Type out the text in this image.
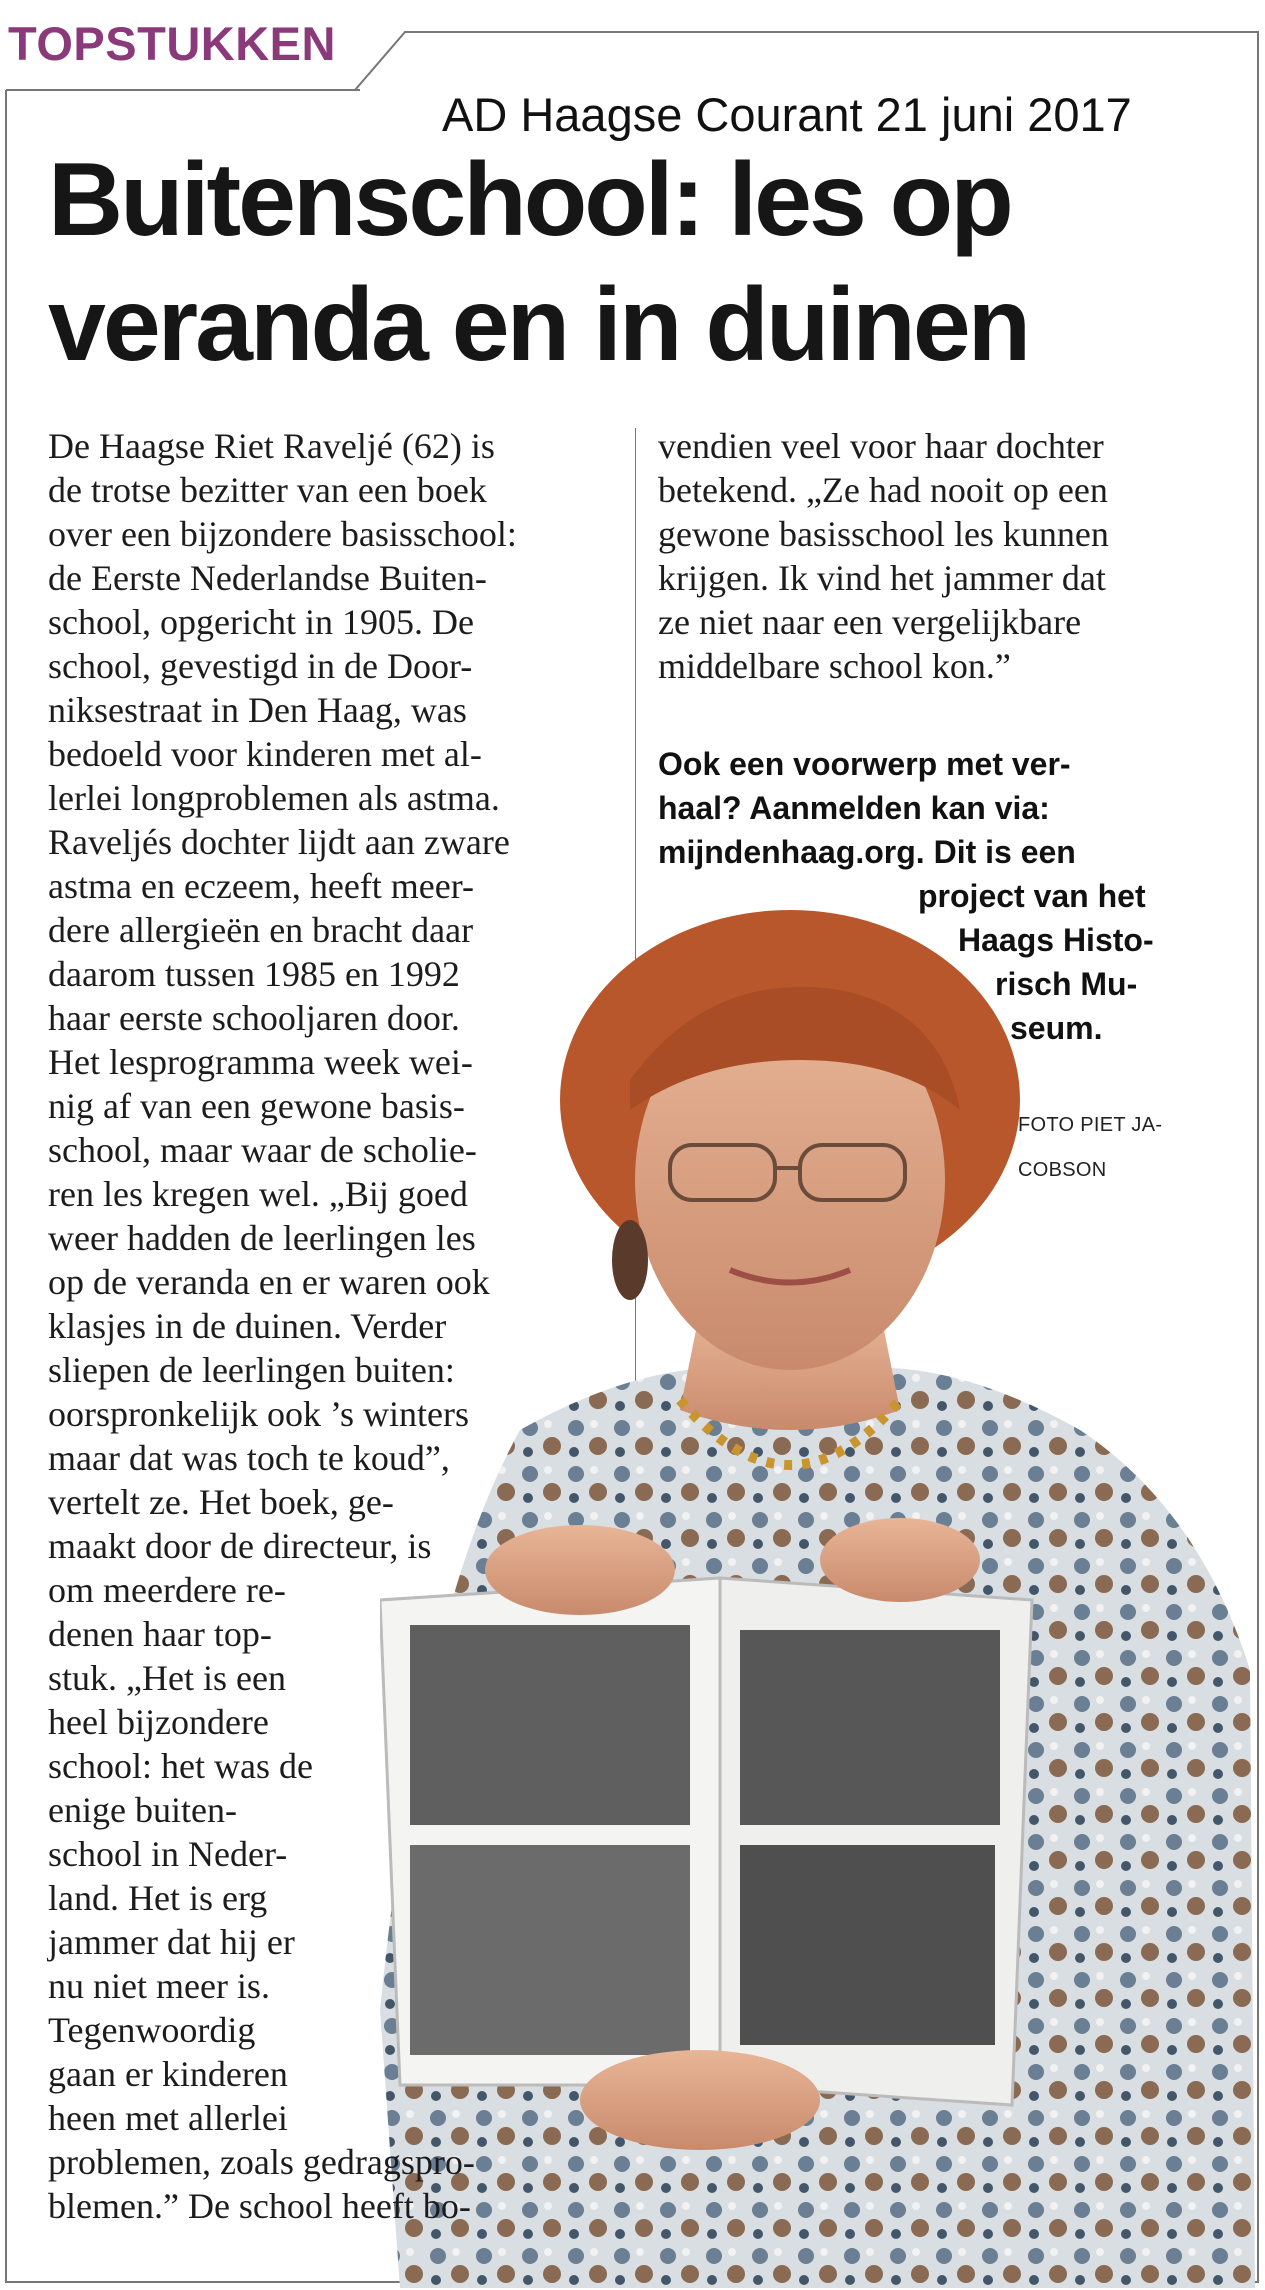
TOPSTUKKEN
AD Haagse Courant 21 juni 2017
Buitenschool: les op
veranda en in duinen
De Haagse Riet Raveljé (62) is
de trotse bezitter van een boek
over een bijzondere basisschool:
de Eerste Nederlandse Buiten-
school, opgericht in 1905. De
school, gevestigd in de Door-
niksestraat in Den Haag, was
bedoeld voor kinderen met al-
lerlei longproblemen als astma.
Raveljés dochter lijdt aan zware
astma en eczeem, heeft meer-
dere allergieën en bracht daar
daarom tussen 1985 en 1992
haar eerste schooljaren door.
Het lesprogramma week wei-
nig af van een gewone basis-
school, maar waar de scholie-
ren les kregen wel. „Bij goed
weer hadden de leerlingen les
op de veranda en er waren ook
klasjes in de duinen. Verder
sliepen de leerlingen buiten:
oorspronkelijk ook ’s winters
maar dat was toch te koud”,
vertelt ze. Het boek, ge-
maakt door de directeur, is
om meerdere re-
denen haar top-
stuk. „Het is een
heel bijzondere
school: het was de
enige buiten-
school in Neder-
land. Het is erg
jammer dat hij er
nu niet meer is.
Tegenwoordig
gaan er kinderen
heen met allerlei
problemen, zoals gedragspro-
blemen.” De school heeft bo-
vendien veel voor haar dochter
betekend. „Ze had nooit op een
gewone basisschool les kunnen
krijgen. Ik vind het jammer dat
ze niet naar een vergelijkbare
middelbare school kon.”
Ook een voorwerp met ver-
haal? Aanmelden kan via:
mijndenhaag.org. Dit is een
project van het
Haags Histo-
risch Mu-
seum.
FOTO PIET JA-
COBSON
